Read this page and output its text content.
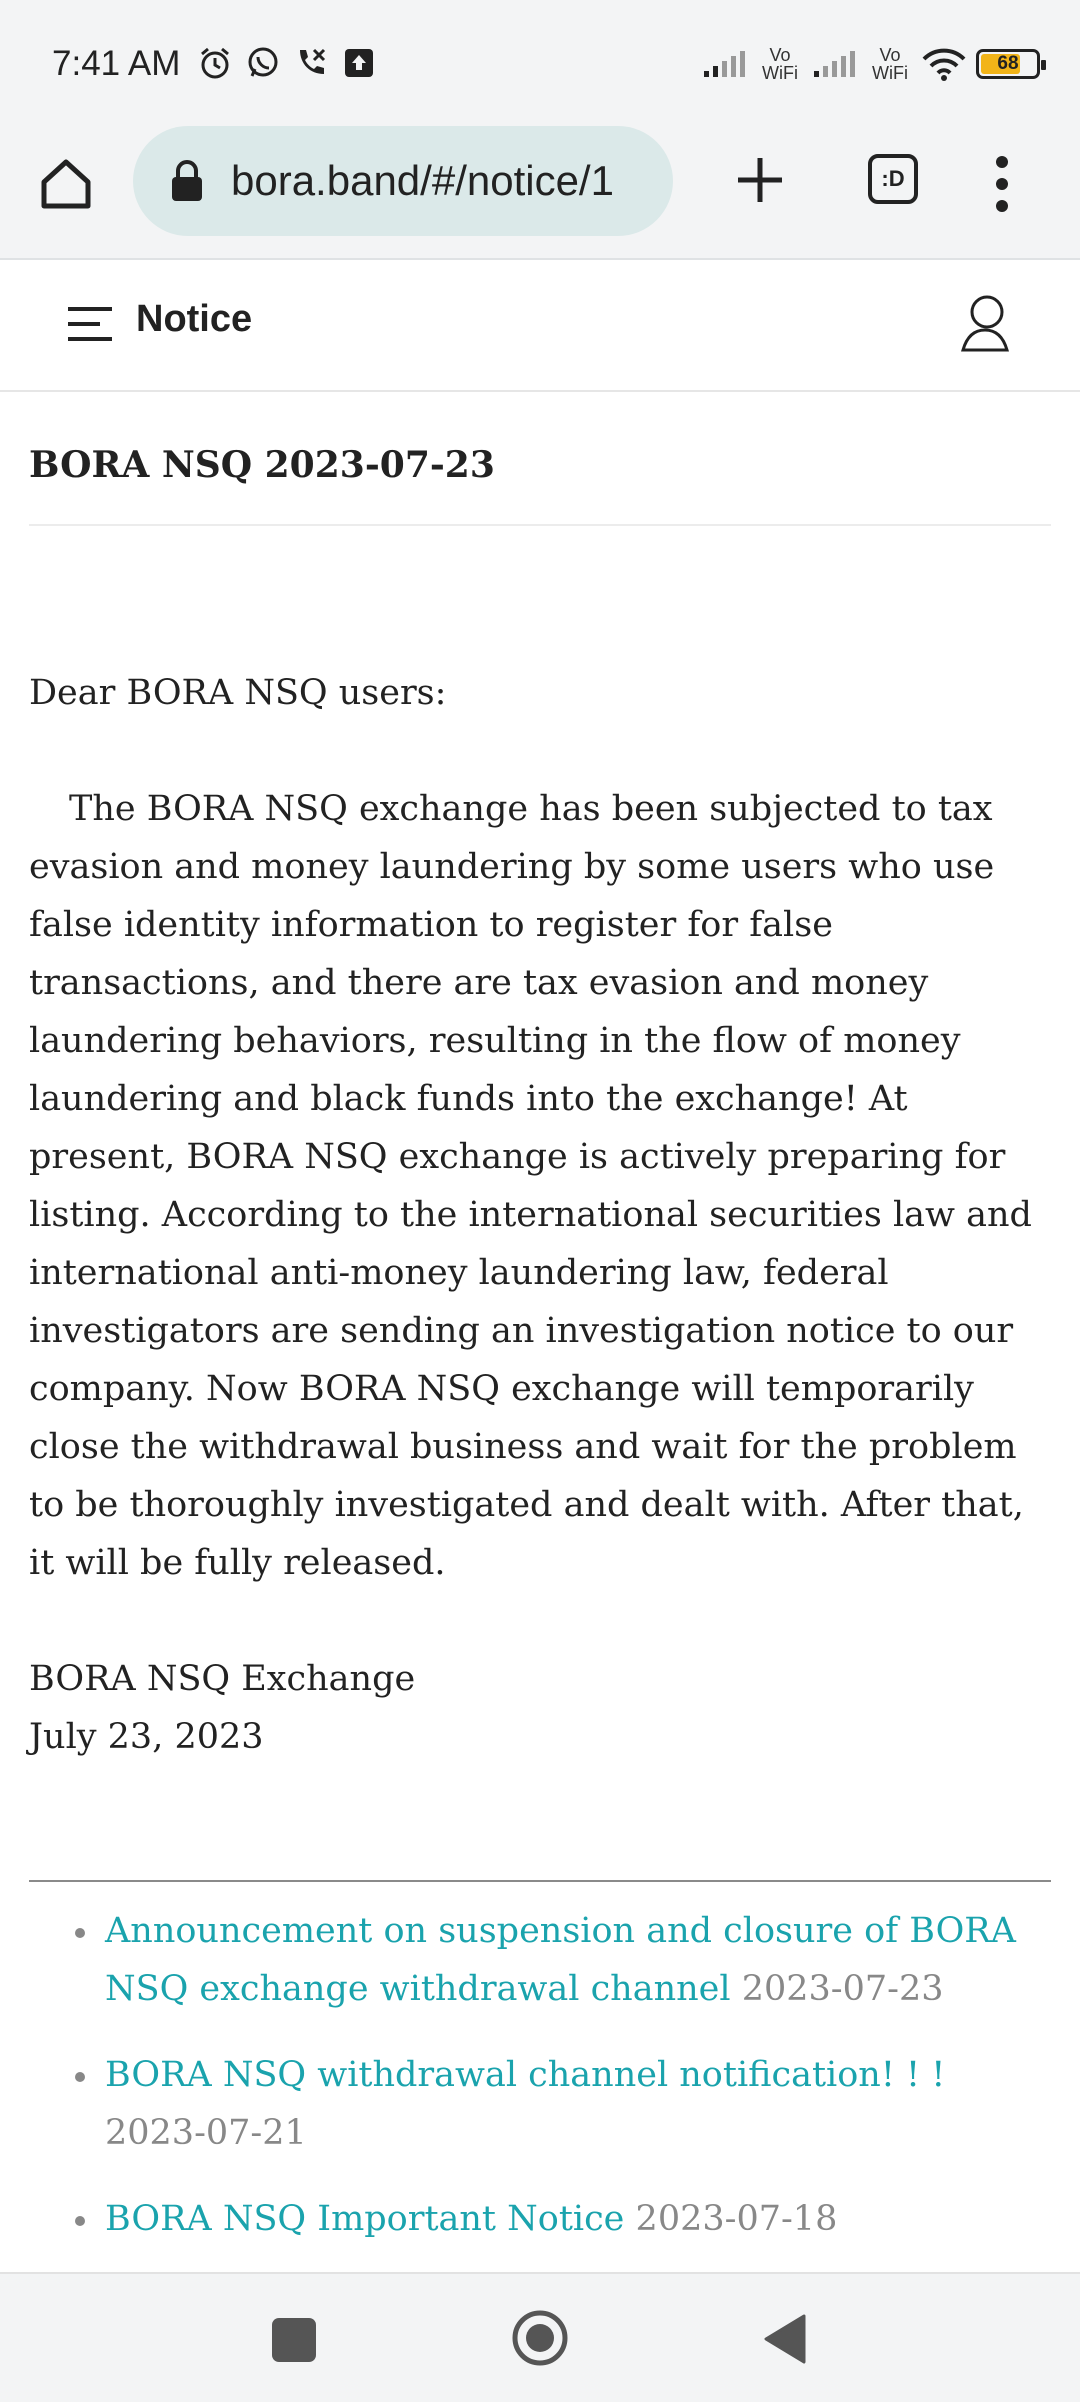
7:41 AM	Vo WiFi
Vo WiFi	68
bora.band/#/notice/1	:D
Notice
BORA NSQ 2023-07-23
Dear BORA NSQ users:
The BORA NSQ exchange has been subjected to tax evasion and money laundering by some users who use false identity information to register for false transactions, and there are tax evasion and money laundering behaviors, resulting in the flow of money laundering and black funds into the exchange! At present, BORA NSQ exchange is actively preparing for listing. According to the international securities law and international anti-money laundering law, federal investigators are sending an investigation notice to our company. Now BORA NSQ exchange will temporarily close the withdrawal business and wait for the problem to be thoroughly investigated and dealt with. After that, it will be fully released.
BORA NSQ Exchange
July 23, 2023
Announcement on suspension and closure of BORA NSQ exchange withdrawal channel 2023-07-23
BORA NSQ withdrawal channel notification! ! ! 2023-07-21
BORA NSQ Important Notice 2023-07-18
